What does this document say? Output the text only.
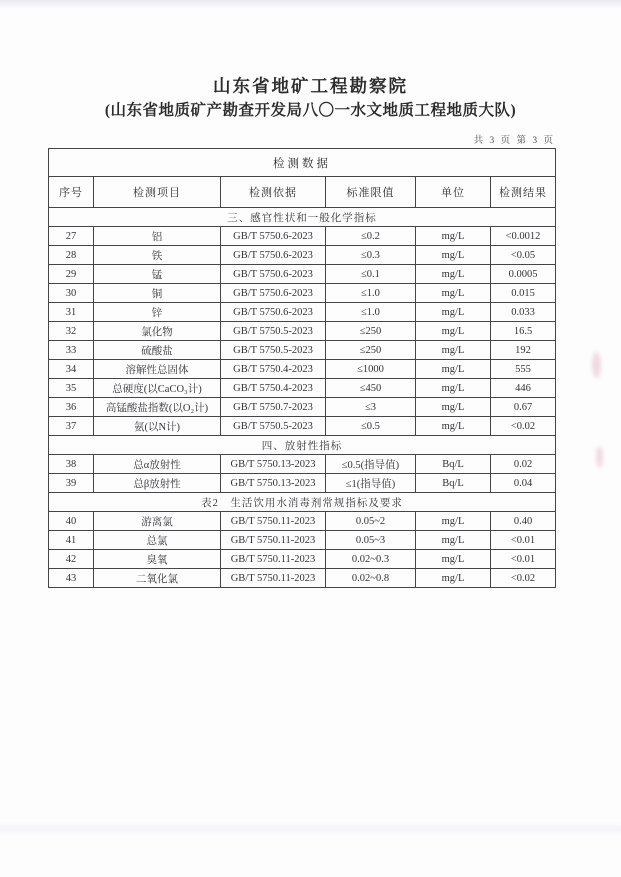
山东省地矿工程勘察院
(山东省地质矿产勘查开发局八〇一水文地质工程地质大队)
共 3 页 第 3 页
检测数据					
序号	检测项目	检测依据	标准限值	单位	检测结果
三、感官性状和一般化学指标					
27	铝	GB/T 5750.6-2023	≤0.2	mg/L	<0.0012
28	铁	GB/T 5750.6-2023	≤0.3	mg/L	<0.05
29	锰	GB/T 5750.6-2023	≤0.1	mg/L	0.0005
30	铜	GB/T 5750.6-2023	≤1.0	mg/L	0.015
31	锌	GB/T 5750.6-2023	≤1.0	mg/L	0.033
32	氯化物	GB/T 5750.5-2023	≤250	mg/L	16.5
33	硫酸盐	GB/T 5750.5-2023	≤250	mg/L	192
34	溶解性总固体	GB/T 5750.4-2023	≤1000	mg/L	555
35	总硬度(以CaCO₃计)	GB/T 5750.4-2023	≤450	mg/L	446
36	高锰酸盐指数(以O₂计)	GB/T 5750.7-2023	≤3	mg/L	0.67
37	氨(以N计)	GB/T 5750.5-2023	≤0.5	mg/L	<0.02
四、放射性指标					
38	总α放射性	GB/T 5750.13-2023	≤0.5(指导值)	Bq/L	0.02
39	总β放射性	GB/T 5750.13-2023	≤1(指导值)	Bq/L	0.04
表2　生活饮用水消毒剂常规指标及要求					
40	游离氯	GB/T 5750.11-2023	0.05~2	mg/L	0.40
41	总氯	GB/T 5750.11-2023	0.05~3	mg/L	<0.01
42	臭氧	GB/T 5750.11-2023	0.02~0.3	mg/L	<0.01
43	二氧化氯	GB/T 5750.11-2023	0.02~0.8	mg/L	<0.02
